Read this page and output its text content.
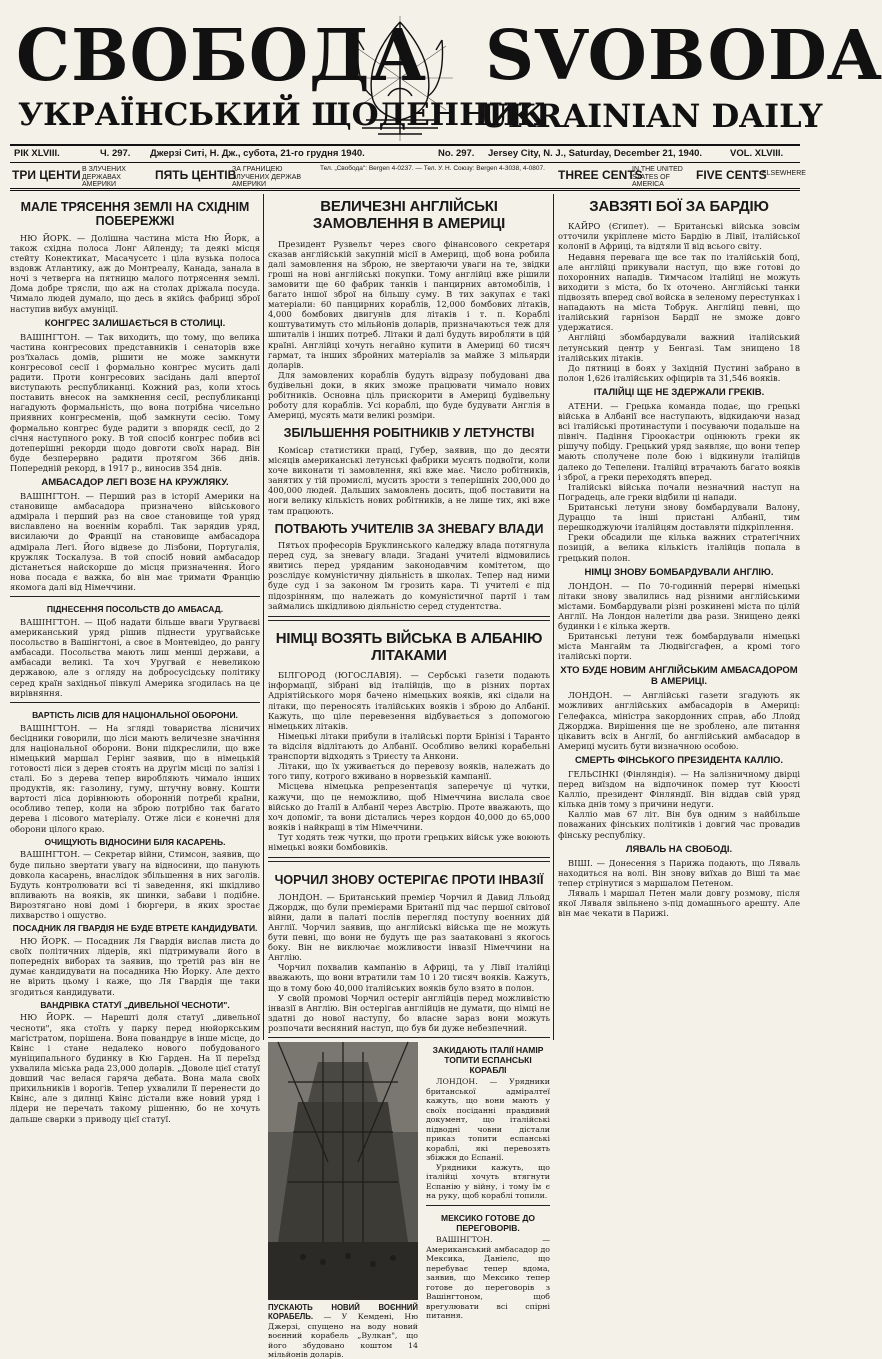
СВОБОДА SVOBODA
УКРАЇНСЬКИЙ ЩОДЕННИК
UKRAINIAN DAILY
РІК XLVIII.	Ч. 297. Джерзі Ситі, Н. Дж., субота, 21-го грудня 1940.	No. 297. Jersey City, N. J., Saturday, December 21, 1940.	VOL. XLVIII.
ТРИ ЦЕНТИ В ЗЛУЧЕНИХ ДЕРЖАВАХ АМЕРИКИ
ПЯТЬ ЦЕНТІВ
ЗА ГРАНИЦЕЮ ЗЛУЧЕНИХ ДЕРЖАВ АМЕРИКИ
Тел. „Свобода": Bergen 4-0237. — Тел. У. Н. Союзу: Bergen 4-3038, 4-0807.	THREE CENTS
IN THE UNITED STATES OF AMERICA
FIVE CENTS
ELSEWHERE
МАЛЕ ТРЯСЕННЯ ЗЕМЛІ НА СХІДНІМ ПОБЕРЕЖЖІ

НЮ ЙОРК. — Долішна частина міста Ню Йорк, а також східна полоса Лонг Айленду; та деякі місця стейту Конектикат, Масачусетс і ціла вузька полоса вздовж Атлантику, аж до Монтреалу, Канада, занала в ночі з четверга на пятницю малого потрясення землі. Дома добре трясли, що аж на столах дріжала посуда. Чимало людей думало, що десь в якійсь фабриці зброї наступив вибух амуніції.

КОНГРЕС ЗАЛИШАЄТЬСЯ В СТОЛИЦІ.

ВАШІНГТОН. — Так виходить, що тому, що велика частина конгресових представників і сенаторів вже роз'їхалась домів, рішити не може замкнути конгресової сесії і формально конгрес мусить далі радити. Проти конгресових засідань далі впертої виступають республиканці. Кожний раз, коли хтось поставить внесок на замкнення сесії, республиканці нагадують формальність, що вона потрібна чисельно приявних конгресменів, щоб замкнути сесію. Тому формально конгрес буде радити з впорядк сесії, до 2 січня наступного року. В той спосіб конгрес побив всі дотеперішні рекорди щодо довготи своїх нарад. Він буде безперервно радити протягом 366 днів. Попередній рекорд, в 1917 р., виносив 354 днів.

АМБАСАДОР ЛЕГІ ВОЗЕ НА КРУЖЛЯКУ.

ВАШІНГТОН. — Перший раз в історії Америки на становище амбасадора призначено військового адмірала і перший раз на свое становище той уряд виславлено на воєннім кораблі. Так зарядив уряд, висилаючи до Франції на становище амбасадора адмірала Легі. Його відвезе до Лізбони, Португалія, кружляк Тоскалуза. В той спосіб новий амбасадор дістанеться найскорше до місця призначення. Його нова посада є важка, бо він має тримати Францію якомога далі від Німеччини.

ПІДНЕСЕННЯ ПОСОЛЬСТВ ДО АМБАСАД.

ВАШІНГТОН. — Щоб надати більше вваги Уругваєві американський уряд рішив піднести уругвайське посольство в Вашінгтоні, а своє в Монтевідео, до рангу амбасади. Посольства мають лиш менші держави, а амбасади великі. Та хоч Уругвай є невеликою державою, але з огляду на добросусідську політику серед країн західньої півкулі Америка згодилась на це вирівняння.

ВАРТІСТЬ ЛІСІВ ДЛЯ НАЦІОНАЛЬНОЇ ОБОРОНИ.

ВАШІНГТОН. — На згляді товариства лісничих бесідники говорили, що ліси мають величезне значіння для національної оборони. Вони підкреслили, що вже німецький маршал Герінг заявив, що в німецькій готовості ліси з дерев стоять на другім місці по залізі і сталі. Бо з дерева тепер виробляють чимало інших продуктів, як: газолину, гуму, штучну вовну. Кошти вартості ліса дорівнюють оборонній потребі країни, особливо тепер, коли на зброю потрібно так багато дерева і лісового матеріалу. Отже ліси є конечні для оборони цілого краю.

ОЧИЩУЮТЬ ВІДНОСИНИ БІЛЯ КАСАРЕНЬ.

ВАШІНГТОН. — Секретар війни, Стимсон, заявив, що буде пильно звертати увагу на відносини, що панують довкола касарень, внаслідок збільшення в них заголів. Будуть контролювати всі ті заведення, які шкідливо впливають на вояків, як шинки, забави і подібне. Вирозтягано нові домі і бюргери, в яких зростає лихварство і ошуство.

ПОСАДНИК ЛЯ ГВАРДІЯ НЕ БУДЕ ВТРЕТЕ КАНДИДУВАТИ.

НЮ ЙОРК. — Посадник Ля Гвардія вислав листа до своїх політичних лідерів, які підтримували його в попередніх виборах та заявив, що третій раз він не думає кандидувати на посадника Ню Йорку. Але дехто не вірить цьому і каже, що Ля Гвардія ще таки згодиться кандидувати.

ВАНДРІВКА СТАТУЇ „ДИВЕЛЬНОЇ ЧЕСНОТИ".

НЮ ЙОРК. — Нарешті доля статуї „дивельної чесноти", яка стоїть у парку перед нюйоркським магістратом, порішена. Вона повандрує в інше місце, до Квінс і стане недалеко нового побудованого муніципального будинку в Кю Гарден. На її переїзд ухвалила міська рада 23,000 доларів. „Доволе цієї статуї довший час велася гаряча дебата. Вона мала своїх прихильників і ворогів. Тепер ухвалили її перенести до Квінс, але з дилнці Квінс дістали вже новий уряд і лідери не перечать такому рішенню, бо не хочуть дальше сварки з приводу цієї статуї.

ВЕЛИЧЕЗНІ АНГЛІЙСЬКІ ЗАМОВЛЕННЯ В АМЕРИЦІ

Президент Рузвельт через свого фінансового секретаря сказав англійській закупній місії в Америці, щоб вона робила далі замовлення на зброю, не звертаючи уваги на те, звідки гроші на нові англійські покупки. Тому англійці вже рішили замовити ще 60 фабрик танків і панцирних автомобілів, і багато іншої зброї на більшу суму. В тих закупах є такі матеріали: 60 панцирних кораблів, 12,000 бомбових літаків, 4,000 бомбових двигунів для літаків і т. п. Кораблі коштуватимуть сто мільйонів доларів, призначаються теж для шпиталів і інших потреб. Літаки й далі будуть виробляти в цій країні. Англійці хочуть негайно купити в Америці 60 тисяч гармат, та інших збройних матеріалів за майже 3 мільярди доларів.

Для замовлених кораблів будуть відразу побудовані два будівельні доки, в яких зможе працювати чимало нових робітників. Основна ціль прискорити в Америці будівельну роботу для кораблів. Усі кораблі, що буде будувати Англія в Америці, мусять мати великі розміри.

ЗБІЛЬШЕННЯ РОБІТНИКІВ У ЛЕТУНСТВІ

Комісар статистики праці, Губер, заявив, що до десяти місяців американські летунські фабрики мусять подвоїти, коли хоче виконати ті замовлення, які вже має. Число робітників, занятих у тій промислі, мусить зрости з теперішніх 200,000 до 400,000 людей. Дальших замовлень досить, щоб поставити на ноги велику кількість нових робітників, а не лише тих, які вже там працюють.

ПОТВАЮТЬ УЧИТЕЛІВ ЗА ЗНЕВАГУ ВЛАДИ

Пятьох професорів Бруклинського каледжу влада потягнула перед суд, за зневагу влади. Згадані учителі відмовились явитись перед уряданим законодавчим комітетом, що розслідує комуністичну діяльність в школах. Тепер над ними буде суд і за законом їм грозить кара. Ті учителі є під підозрінням, що належать до комуністичної партії і там займались шкідливою діяльністю серед студентства.

НІМЦІ ВОЗЯТЬ ВІЙСЬКА В АЛБАНІЮ ЛІТАКАМИ

БІЛГОРОД (ЮГОСЛАВІЯ). — Сербські газети подають інформації, зібрані від італійців, що в різних портах Адріятійського моря бачено німецьких вояків, які сідали на літаки, що переносять італійських вояків і зброю до Албанії. Кажуть, що ціле перевезення відбувається з допомогою німецьких літаків.

Німецькі літаки прибули в італійські порти Брінізі і Таранто та відсіля відлітають до Албанії. Особливо великі корабельні транспорти відходять з Триєсту та Анкони.

Літаки, що їх уживається до перевозу вояків, належать до того типу, котрого вживано в норвезькій кампанії.

Місцева німецька репрезентація заперечує ці чутки, кажучи, що це неможливо, щоб Німеччина вислала своє військо до Італії в Албанії через Австрію. Проте вважають, що хоч допоміг, та вони дістались через кордон 40,000 до 65,000 вояків і найкращі в тім Німеччини.

Тут ходять теж чутки, що проти грецьких військ уже воюють німецькі вояки бомбовиків.

ЧОРЧИЛ ЗНОВУ ОСТЕРІГАЄ ПРОТИ ІНВАЗІЇ

ЛОНДОН. — Британський премієр Чорчил й Давид Лльойд Джордж, що були премієрами Британії під час першої світової війни, дали в палаті послів перегляд поступу воєнних дій Англії. Чорчил заявив, що англійські війська ще не можуть бути певні, що вони не будуть ще раз заатаковані з якогось боку. Він не виключає можливости інвазії Німеччини на Англію.

Чорчил похвалив кампанію в Африці, та у Лівії італійці вважають, що вони втратили там 10 і 20 тисяч вояків. Кажуть, що в тому бою 40,000 італійських вояків було взято в полон.

У своїй промові Чорчил остеріг англійців перед можливістю інвазії в Англію. Він остерігав англійців не думати, що німці не здатні до нової наступу, бо власне зараз вони можуть розпочати весняний наступ, що був би дуже небезпечний.

ПУСКАЮТЬ НОВИЙ ВОЄННИЙ КОРАБЕЛЬ. — У Кемдені, Ню Джерзі, спущено на воду новий воєнний корабель „Вулкан", що його збудовано коштом 14 мільйонів доларів.
ЗАКИДАЮТЬ ІТАЛІЇ НАМІР ТОПИТИ ЕСПАНСЬКІ КОРАБЛІ

ЛОНДОН. — Урядники британської адміралтеї кажуть, що вони мають у своїх посіданні правдивий документ, що італійські підводні човни дістали приказ топити еспанські кораблі, які перевозять збіжжя до Еспанії.

Урядники кажуть, що італійці хочуть втягнути Еспанію у війну, і тому їм є на руку, щоб кораблі топили.

МЕКСИКО ГОТОВЕ ДО ПЕРЕГОВОРІВ.

ВАШІНГТОН. — Американський амбасадор до Мексика, Даніелс, що перебуває тепер вдома, заявив, що Мексико тепер готове до переговорів з Вашінгтоном, щоб врегулювати всі спірні питання.

ЗАВЗЯТІ БОЇ ЗА БАРДІЮ

КАЙРО (Єгипет). — Британські війська зовсім отточили укріплене місто Бардію в Лівії, італійської колонії в Африці, та відтяли її від всього світу.

Недавня перевага ще все так по італійській боці, але англійці прикували наступ, що вже готові до похоронних нападів. Тимчасом італійці не можуть виходити з міста, бо їх оточено. Англійські танки підвозять вперед свої войска в зеленому перестунках і нападають на міста Тобрук. Англійці певні, що італійський гарнізон Бардії не зможе довго удержатися.

Англійці збомбардували важний італійський летунський центр у Бенгазі. Там знищено 18 італійських літаків.

До пятниці в боях у Західній Пустині забрано в полон 1,626 італійських офіцирів та 31,546 вояків.

ІТАЛІЙЦІ ЩЕ НЕ ЗДЕРЖАЛИ ГРЕКІВ.

АТЕНИ. — Грецька команда подає, що грецькі війська в Албанії все наступають, відкидаючи назад всі італійські протинаступи і посуваючи подальше на північ. Падіння Гіроокастри оцінюють греки як рішучу побіду. Грецький уряд заявляє, що вони тепер мають сполучене поле бою і відкинули італійців далеко до Тепелени. Італійці втрачають багато вояків і зброї, а греки переходять вперед.

Італійські війська почали незначний наступ на Поградець, але греки відбили ці напади.

Британські летуни знову бомбардували Валону, Дураццо та інші пристані Албанії, тим перешкоджуючи італійцям доставляти підкріплення.

Греки обсадили ще кілька важних стратегічних позицій, а велика кількість італійців попала в грецький полон.

НІМЦІ ЗНОВУ БОМБАРДУВАЛИ АНГЛІЮ.

ЛОНДОН. — По 70-годинній перерві німецькі літаки знову звалились над різними англійськими містами. Бомбардували різні розкинені міста по цілій Англії. На Лондон налетіли два рази. Знищено деякі будинки і є кілька жертв.

Британські летуни теж бомбардували німецькі міста Мангайм та Людвіґсгафен, а кромі того італійські порти.

ХТО БУДЕ НОВИМ АНГЛІЙСЬКИМ АМБАСАДОРОМ В АМЕРИЦІ.

ЛОНДОН. — Англійські газети згадують як можливих англійських амбасадорів в Америці: Гелефакса, міністра закордонних справ, або Ллойд Джорджа. Вирішення ще не зроблено, але питання цікавить всіх в Англії, бо англійський амбасадор в Америці мусить бути визначною особою.

СМЕРТЬ ФІНСЬКОГО ПРЕЗИДЕНТА КАЛЛІО.

ГЕЛЬСІНКІ (Фінляндія). — На залізничному двірці перед виїздом на відпочинок помер тут Кюості Калліо, президент Фінляндії. Він віддав свій уряд кілька днів тому з причини недуги.

Калліо мав 67 літ. Він був одним з найбільше поважаних фінських політиків і довгий час провадив фінську республіку.

ЛЯВАЛЬ НА СВОБОДІ.

ВІШІ. — Донесення з Парижа подають, що Ляваль находиться на волі. Він знову виїхав до Віші та має тепер стрінутися з маршалом Петеном.

Ляваль і маршал Петен мали довгу розмову, після якої Ляваля звільнено з-під домашнього арешту. Але він має чекати в Парижі.
